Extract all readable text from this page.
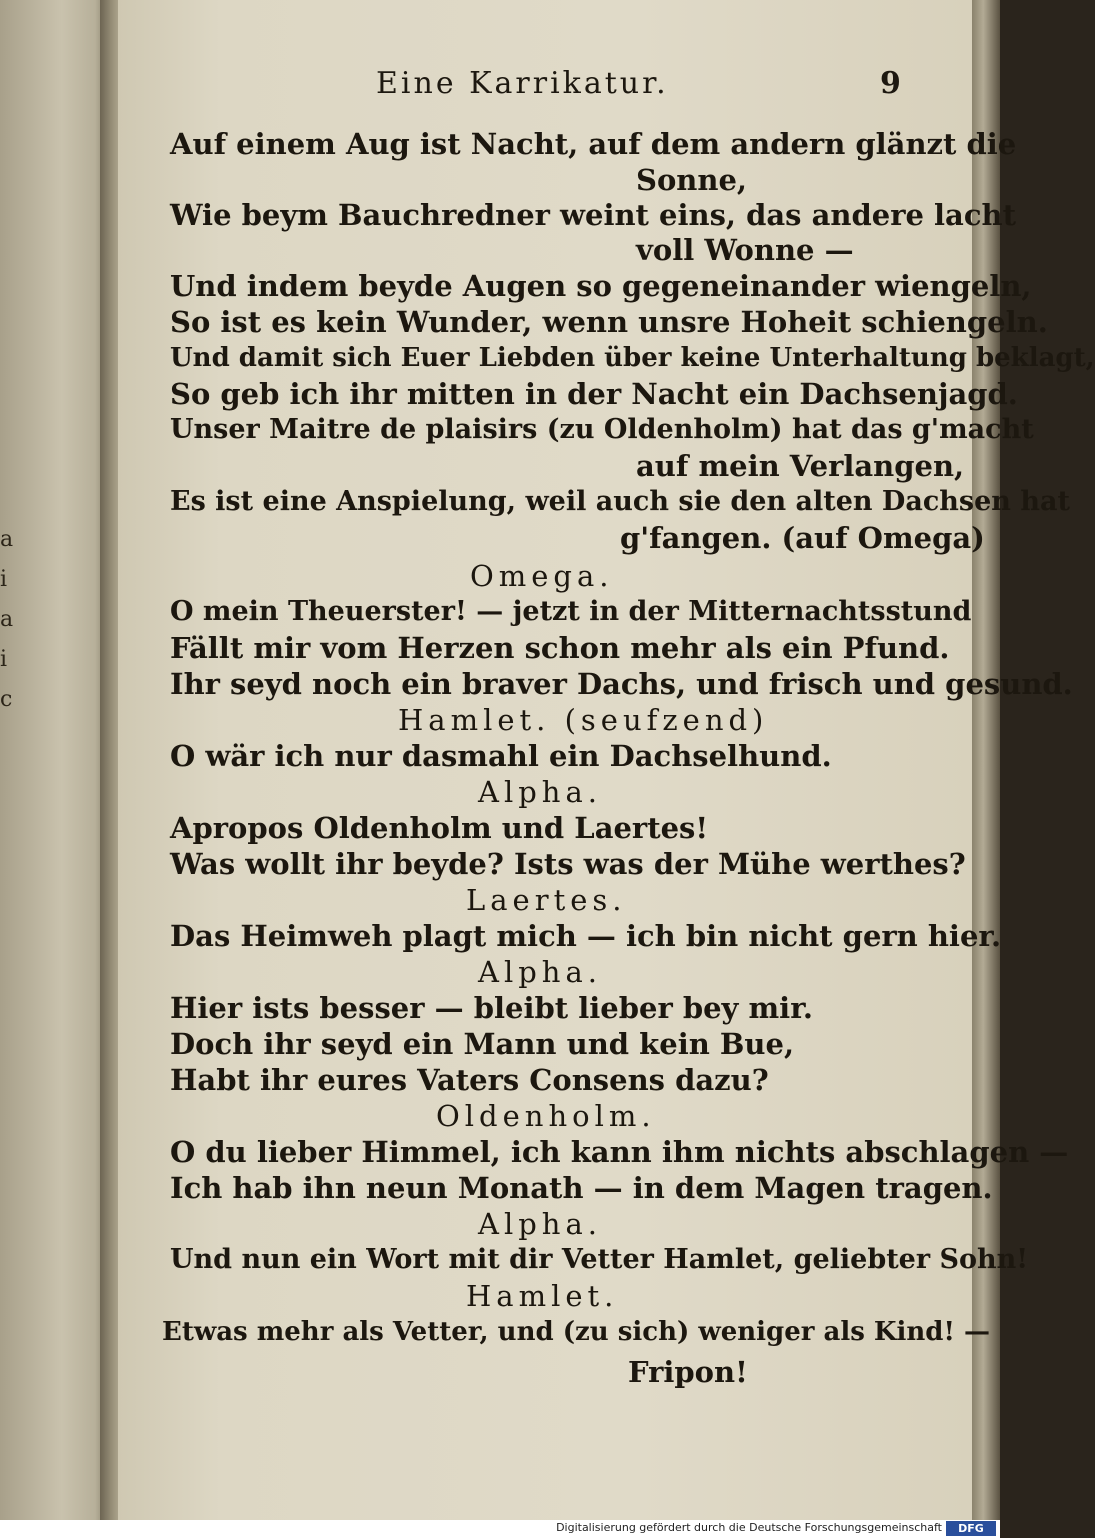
a
i
a
i
c
Eine Karrikatur.	9
Auf einem Aug ist Nacht, auf dem andern glänzt die
Sonne,
Wie beym Bauchredner weint eins, das andere lacht
voll Wonne —
Und indem beyde Augen so gegeneinander wiengeln,
So ist es kein Wunder, wenn unsre Hoheit schiengeln.
Und damit sich Euer Liebden über keine Unterhaltung beklagt,
So geb ich ihr mitten in der Nacht ein Dachsenjagd.
Unser Maitre de plaisirs (zu Oldenholm) hat das g'macht
auf mein Verlangen,
Es ist eine Anspielung, weil auch sie den alten Dachsen hat
g'fangen. (auf Omega)
Omega.
O mein Theuerster! — jetzt in der Mitternachtsstund
Fällt mir vom Herzen schon mehr als ein Pfund.
Ihr seyd noch ein braver Dachs, und frisch und gesund.
Hamlet. (seufzend)
O wär ich nur dasmahl ein Dachselhund.
Alpha.
Apropos Oldenholm und Laertes!
Was wollt ihr beyde? Ists was der Mühe werthes?
Laertes.
Das Heimweh plagt mich — ich bin nicht gern hier.
Alpha.
Hier ists besser — bleibt lieber bey mir.
Doch ihr seyd ein Mann und kein Bue,
Habt ihr eures Vaters Consens dazu?
Oldenholm.
O du lieber Himmel, ich kann ihm nichts abschlagen —
Ich hab ihn neun Monath — in dem Magen tragen.
Alpha.
Und nun ein Wort mit dir Vetter Hamlet, geliebter Sohn!
Hamlet.
Etwas mehr als Vetter, und (zu sich) weniger als Kind! —
Fripon!
Digitalisierung gefördert durch die Deutsche Forschungsgemeinschaft	DFG
